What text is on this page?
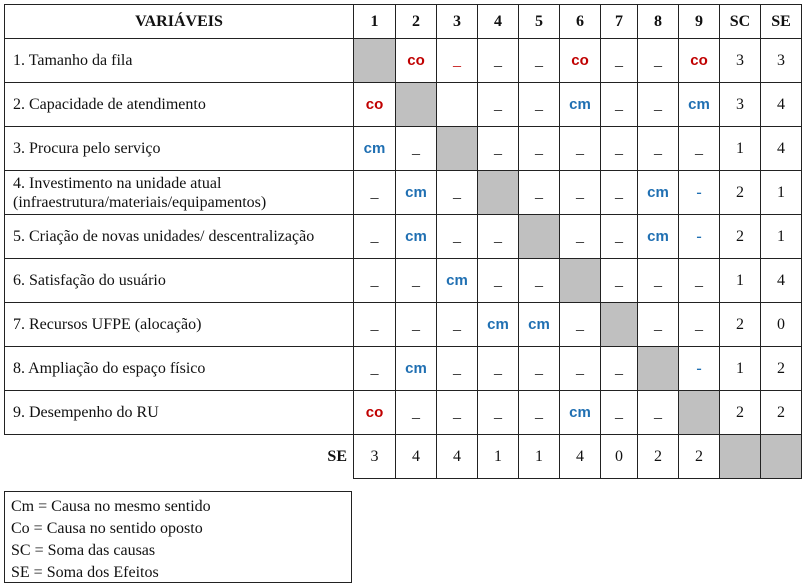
VARIÁVEIS	1	2	3	4	5	6	7	8	9	SC	SE
1. Tamanho da fila		co	_	_	_	co	_	_	co	3	3
2. Capacidade de atendimento	co			_	_	cm	_	_	cm	3	4
3. Procura pelo serviço	cm	_		_	_	_	_	_	_	1	4
4. Investimento na unidade atual (infraestrutura/materiais/equipamentos)	_	cm	_		_	_	_	cm	-	2	1
5. Criação de novas unidades/ descentralização	_	cm	_	_		_	_	cm	-	2	1
6. Satisfação do usuário	_	_	cm	_	_		_	_	_	1	4
7. Recursos UFPE (alocação)	_	_	_	cm	cm	_		_	_	2	0
8. Ampliação do espaço físico	_	cm	_	_	_	_	_		-	1	2
9. Desempenho do RU	co	_	_	_	_	cm	_	_		2	2
SE	3	4	4	1	1	4	0	2	2		
Cm = Causa no mesmo sentido
Co = Causa no sentido oposto
SC = Soma das causas
SE = Soma dos Efeitos
